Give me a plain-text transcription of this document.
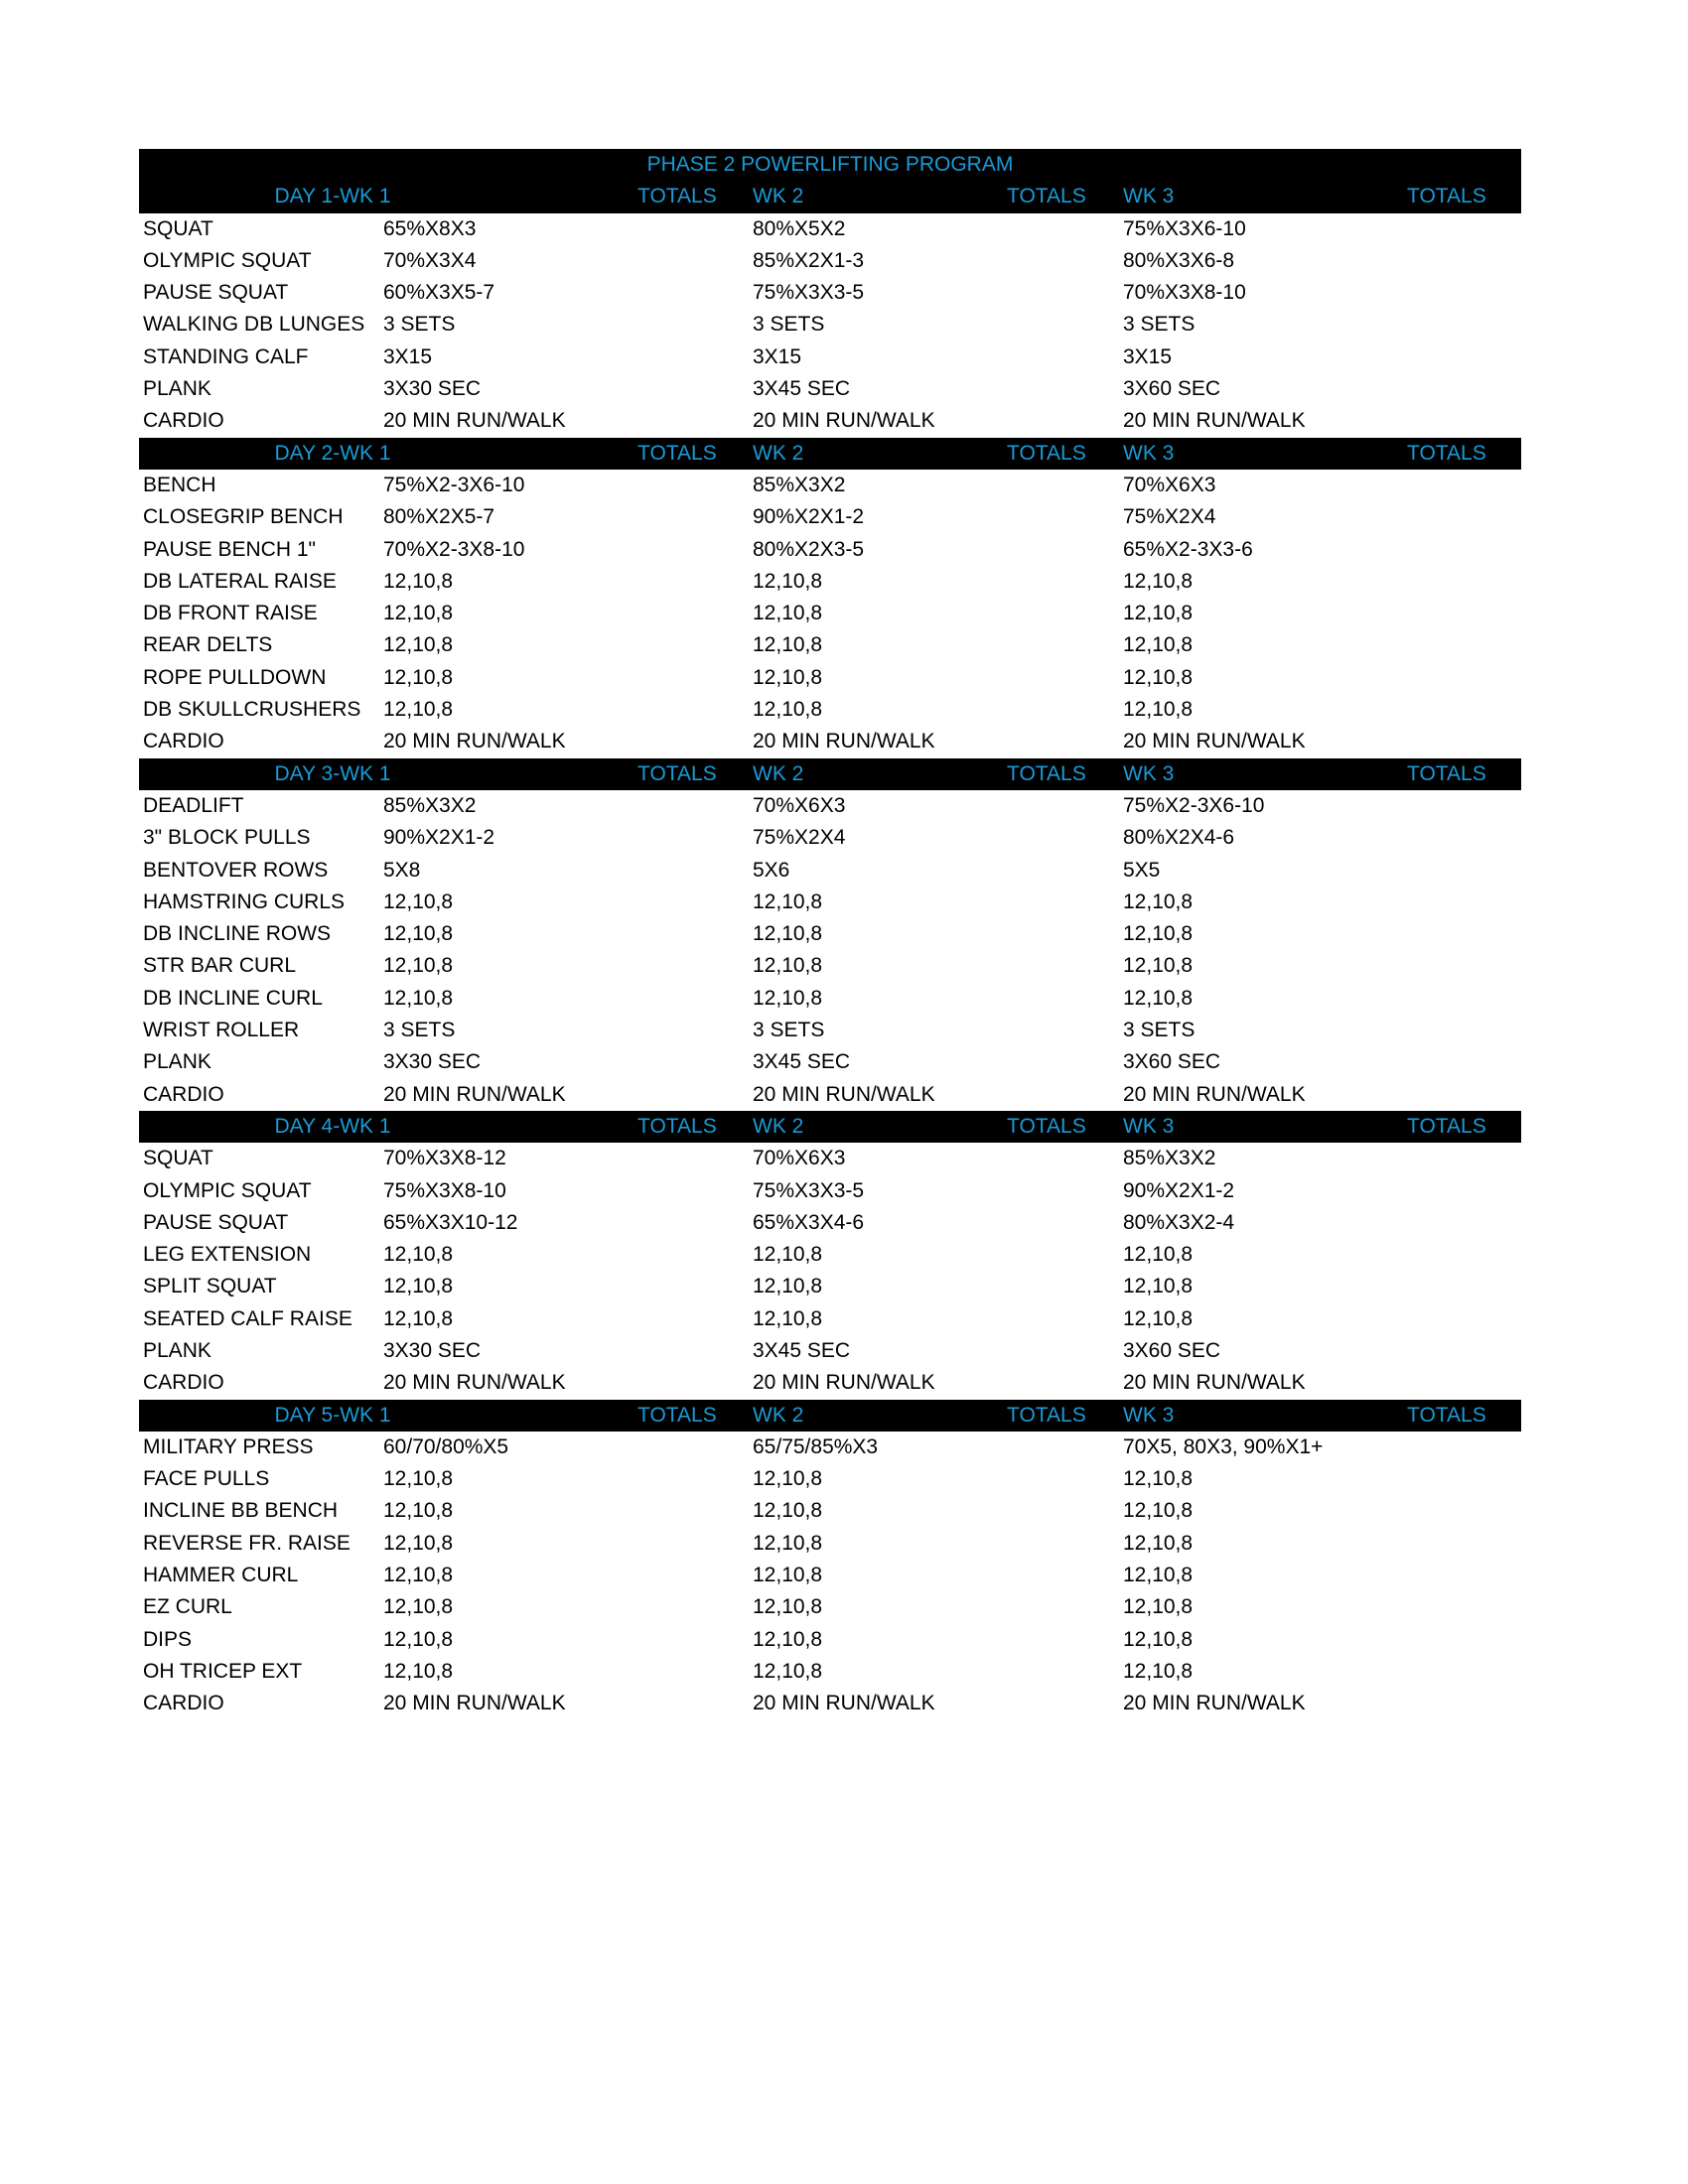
PHASE 2 POWERLIFTING PROGRAM
DAY 1-WK 1	TOTALS WK 2	TOTALS WK 3	TOTALS
SQUAT	65%X8X3	80%X5X2	75%X3X6-10
OLYMPIC SQUAT	70%X3X4	85%X2X1-3	80%X3X6-8
PAUSE SQUAT	60%X3X5-7	75%X3X3-5	70%X3X8-10
WALKING DB LUNGES 3 SETS	3 SETS	3 SETS
STANDING CALF	3X15	3X15	3X15
PLANK	3X30 SEC	3X45 SEC	3X60 SEC
CARDIO	20 MIN RUN/WALK	20 MIN RUN/WALK	20 MIN RUN/WALK
DAY 2-WK 1	TOTALS WK 2	TOTALS WK 3	TOTALS
BENCH	75%X2-3X6-10	85%X3X2	70%X6X3
CLOSEGRIP BENCH 80%X2X5-7	90%X2X1-2	75%X2X4
PAUSE BENCH 1"	70%X2-3X8-10	80%X2X3-5	65%X2-3X3-6
DB LATERAL RAISE 12,10,8	12,10,8	12,10,8
DB FRONT RAISE	12,10,8	12,10,8	12,10,8
REAR DELTS	12,10,8	12,10,8	12,10,8
ROPE PULLDOWN	12,10,8	12,10,8	12,10,8
DB SKULLCRUSHERS 12,10,8	12,10,8	12,10,8
CARDIO	20 MIN RUN/WALK	20 MIN RUN/WALK	20 MIN RUN/WALK
DAY 3-WK 1	TOTALS WK 2	TOTALS WK 3	TOTALS
DEADLIFT	85%X3X2	70%X6X3	75%X2-3X6-10
3" BLOCK PULLS	90%X2X1-2	75%X2X4	80%X2X4-6
BENTOVER ROWS	5X8	5X6	5X5
HAMSTRING CURLS 12,10,8	12,10,8	12,10,8
DB INCLINE ROWS	12,10,8	12,10,8	12,10,8
STR BAR CURL	12,10,8	12,10,8	12,10,8
DB INCLINE CURL	12,10,8	12,10,8	12,10,8
WRIST ROLLER	3 SETS	3 SETS	3 SETS
PLANK	3X30 SEC	3X45 SEC	3X60 SEC
CARDIO	20 MIN RUN/WALK	20 MIN RUN/WALK	20 MIN RUN/WALK
DAY 4-WK 1	TOTALS WK 2	TOTALS WK 3	TOTALS
SQUAT	70%X3X8-12	70%X6X3	85%X3X2
OLYMPIC SQUAT	75%X3X8-10	75%X3X3-5	90%X2X1-2
PAUSE SQUAT	65%X3X10-12	65%X3X4-6	80%X3X2-4
LEG EXTENSION	12,10,8	12,10,8	12,10,8
SPLIT SQUAT	12,10,8	12,10,8	12,10,8
SEATED CALF RAISE 12,10,8	12,10,8	12,10,8
PLANK	3X30 SEC	3X45 SEC	3X60 SEC
CARDIO	20 MIN RUN/WALK	20 MIN RUN/WALK	20 MIN RUN/WALK
DAY 5-WK 1	TOTALS WK 2	TOTALS WK 3	TOTALS
MILITARY PRESS	60/70/80%X5	65/75/85%X3	70X5, 80X3, 90%X1+
FACE PULLS	12,10,8	12,10,8	12,10,8
INCLINE BB BENCH 12,10,8	12,10,8	12,10,8
REVERSE FR. RAISE 12,10,8	12,10,8	12,10,8
HAMMER CURL	12,10,8	12,10,8	12,10,8
EZ CURL	12,10,8	12,10,8	12,10,8
DIPS	12,10,8	12,10,8	12,10,8
OH TRICEP EXT	12,10,8	12,10,8	12,10,8
CARDIO	20 MIN RUN/WALK	20 MIN RUN/WALK	20 MIN RUN/WALK
